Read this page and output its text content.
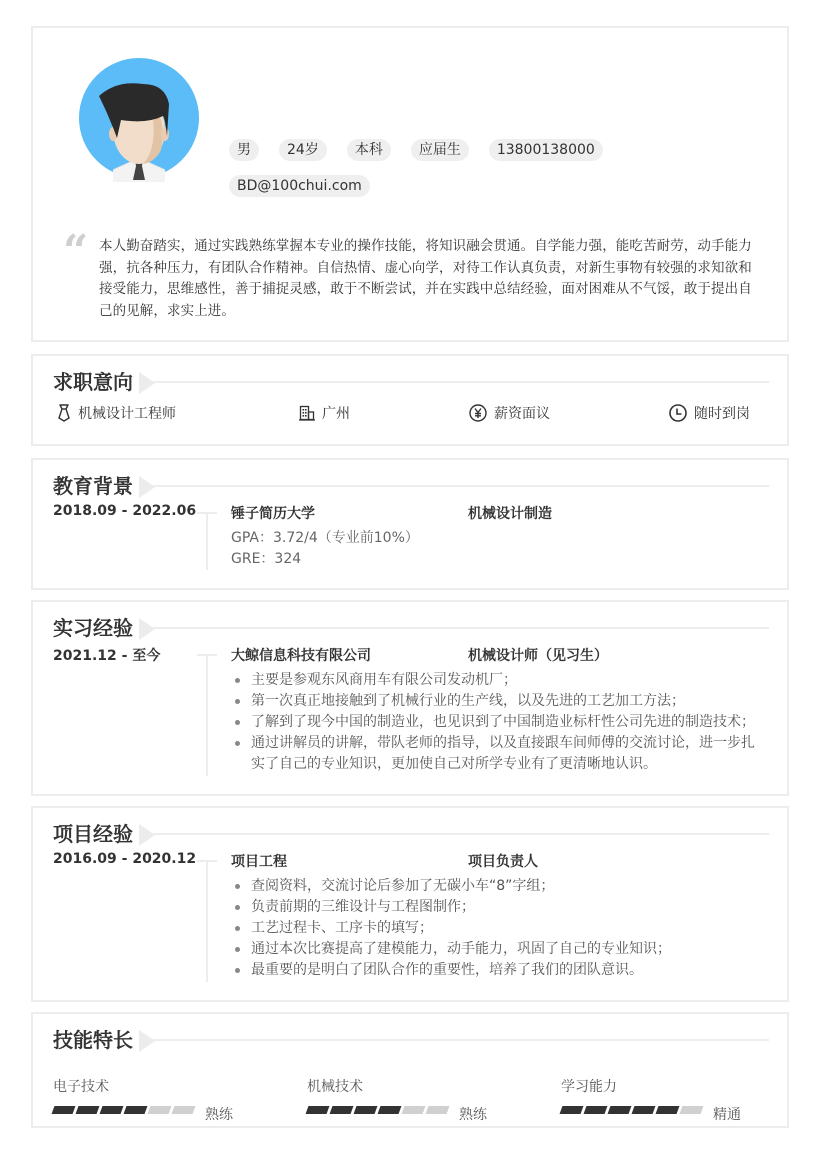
男	24岁	本科	应届生	13800138000
BD@100chui.com
“ 本人勤奋踏实，通过实践熟练掌握本专业的操作技能，将知识融会贯通。自学能力强，能吃苦耐劳，动手能力强，抗各种压力，有团队合作精神。自信热情、虚心向学，对待工作认真负责，对新生事物有较强的求知欲和接受能力，思维感性，善于捕捉灵感，敢于不断尝试，并在实践中总结经验，面对困难从不气馁，敢于提出自己的见解，求实上进。

求职意向
机械设计工程师	广州	薪资面议	随时到岗
教育背景
2018.09 - 2022.06 锤子简历大学	机械设计制造
GPA：3.72/4（专业前10%）
GRE：324
实习经验
2021.12 - 至今	大鲸信息科技有限公司	机械设计师（见习生）
主要是参观东风商用车有限公司发动机厂；
第一次真正地接触到了机械行业的生产线，以及先进的工艺加工方法；
了解到了现今中国的制造业，也见识到了中国制造业标杆性公司先进的制造技术；
通过讲解员的讲解，带队老师的指导，以及直接跟车间师傅的交流讨论，进一步扎实了自己的专业知识，更加使自己对所学专业有了更清晰地认识。
项目经验
2016.09 - 2020.12 项目工程	项目负责人
查阅资料，交流讨论后参加了无碳小车“8”字组；
负责前期的三维设计与工程图制作；
工艺过程卡、工序卡的填写；
通过本次比赛提高了建模能力，动手能力，巩固了自己的专业知识；
最重要的是明白了团队合作的重要性，培养了我们的团队意识。
技能特长
电子技术
熟练
机械技术
熟练
学习能力
精通
